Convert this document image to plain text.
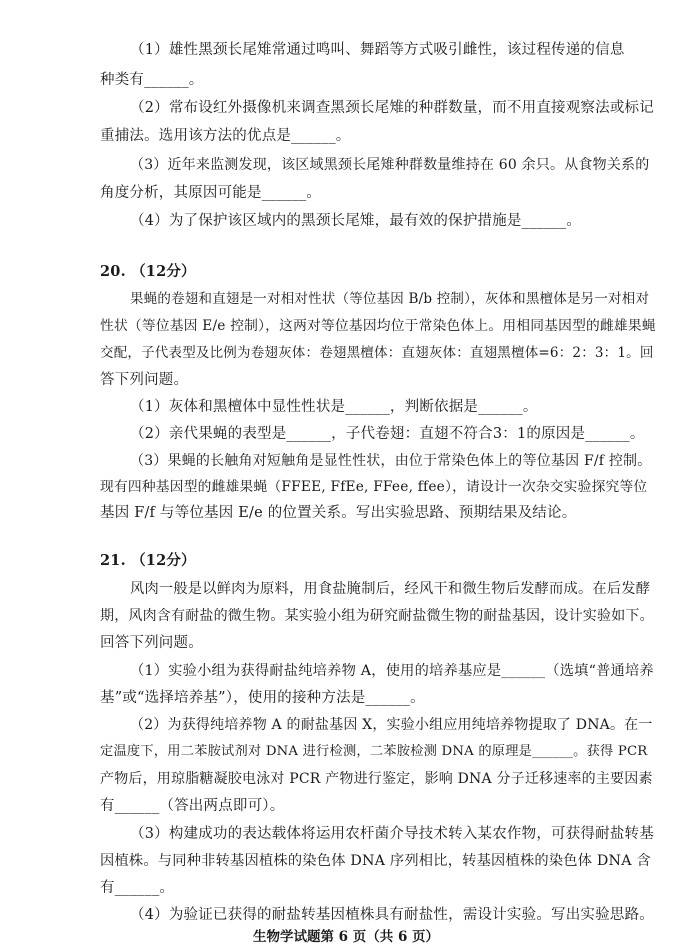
（1）雄性黑颈长尾雉常通过鸣叫、舞蹈等方式吸引雌性，该过程传递的信息
种类有______。
（2）常布设红外摄像机来调查黑颈长尾雉的种群数量，而不用直接观察法或标记
重捕法。选用该方法的优点是______。
（3）近年来监测发现，该区域黑颈长尾雉种群数量维持在 60 余只。从食物关系的
角度分析，其原因可能是______。
（4）为了保护该区域内的黑颈长尾雉，最有效的保护措施是______。
20. （12分）
果蝇的卷翅和直翅是一对相对性状（等位基因 B/b 控制），灰体和黑檀体是另一对相对
性状（等位基因 E/e 控制），这两对等位基因均位于常染色体上。用相同基因型的雌雄果蝇
交配，子代表型及比例为卷翅灰体：卷翅黑檀体：直翅灰体：直翅黑檀体=6：2：3：1。回
答下列问题。
（1）灰体和黑檀体中显性性状是______，判断依据是______。
（2）亲代果蝇的表型是______，子代卷翅：直翅不符合3：1的原因是______。
（3）果蝇的长触角对短触角是显性性状，由位于常染色体上的等位基因 F/f 控制。
现有四种基因型的雌雄果蝇（FFEE, FfEe, FFee, ffee），请设计一次杂交实验探究等位
基因 F/f 与等位基因 E/e 的位置关系。写出实验思路、预期结果及结论。
21. （12分）
风肉一般是以鲜肉为原料，用食盐腌制后，经风干和微生物后发酵而成。在后发酵
期，风肉含有耐盐的微生物。某实验小组为研究耐盐微生物的耐盐基因，设计实验如下。
回答下列问题。
（1）实验小组为获得耐盐纯培养物 A，使用的培养基应是______（选填“普通培养
基”或“选择培养基”），使用的接种方法是______。
（2）为获得纯培养物 A 的耐盐基因 X，实验小组应用纯培养物提取了 DNA。在一
定温度下，用二苯胺试剂对 DNA 进行检测，二苯胺检测 DNA 的原理是______。获得 PCR
产物后，用琼脂糖凝胶电泳对 PCR 产物进行鉴定，影响 DNA 分子迁移速率的主要因素
有______（答出两点即可）。
（3）构建成功的表达载体将运用农杆菌介导技术转入某农作物，可获得耐盐转基
因植株。与同种非转基因植株的染色体 DNA 序列相比，转基因植株的染色体 DNA 含
有______。
（4）为验证已获得的耐盐转基因植株具有耐盐性，需设计实验。写出实验思路。
生物学试题第 6 页（共 6 页）
